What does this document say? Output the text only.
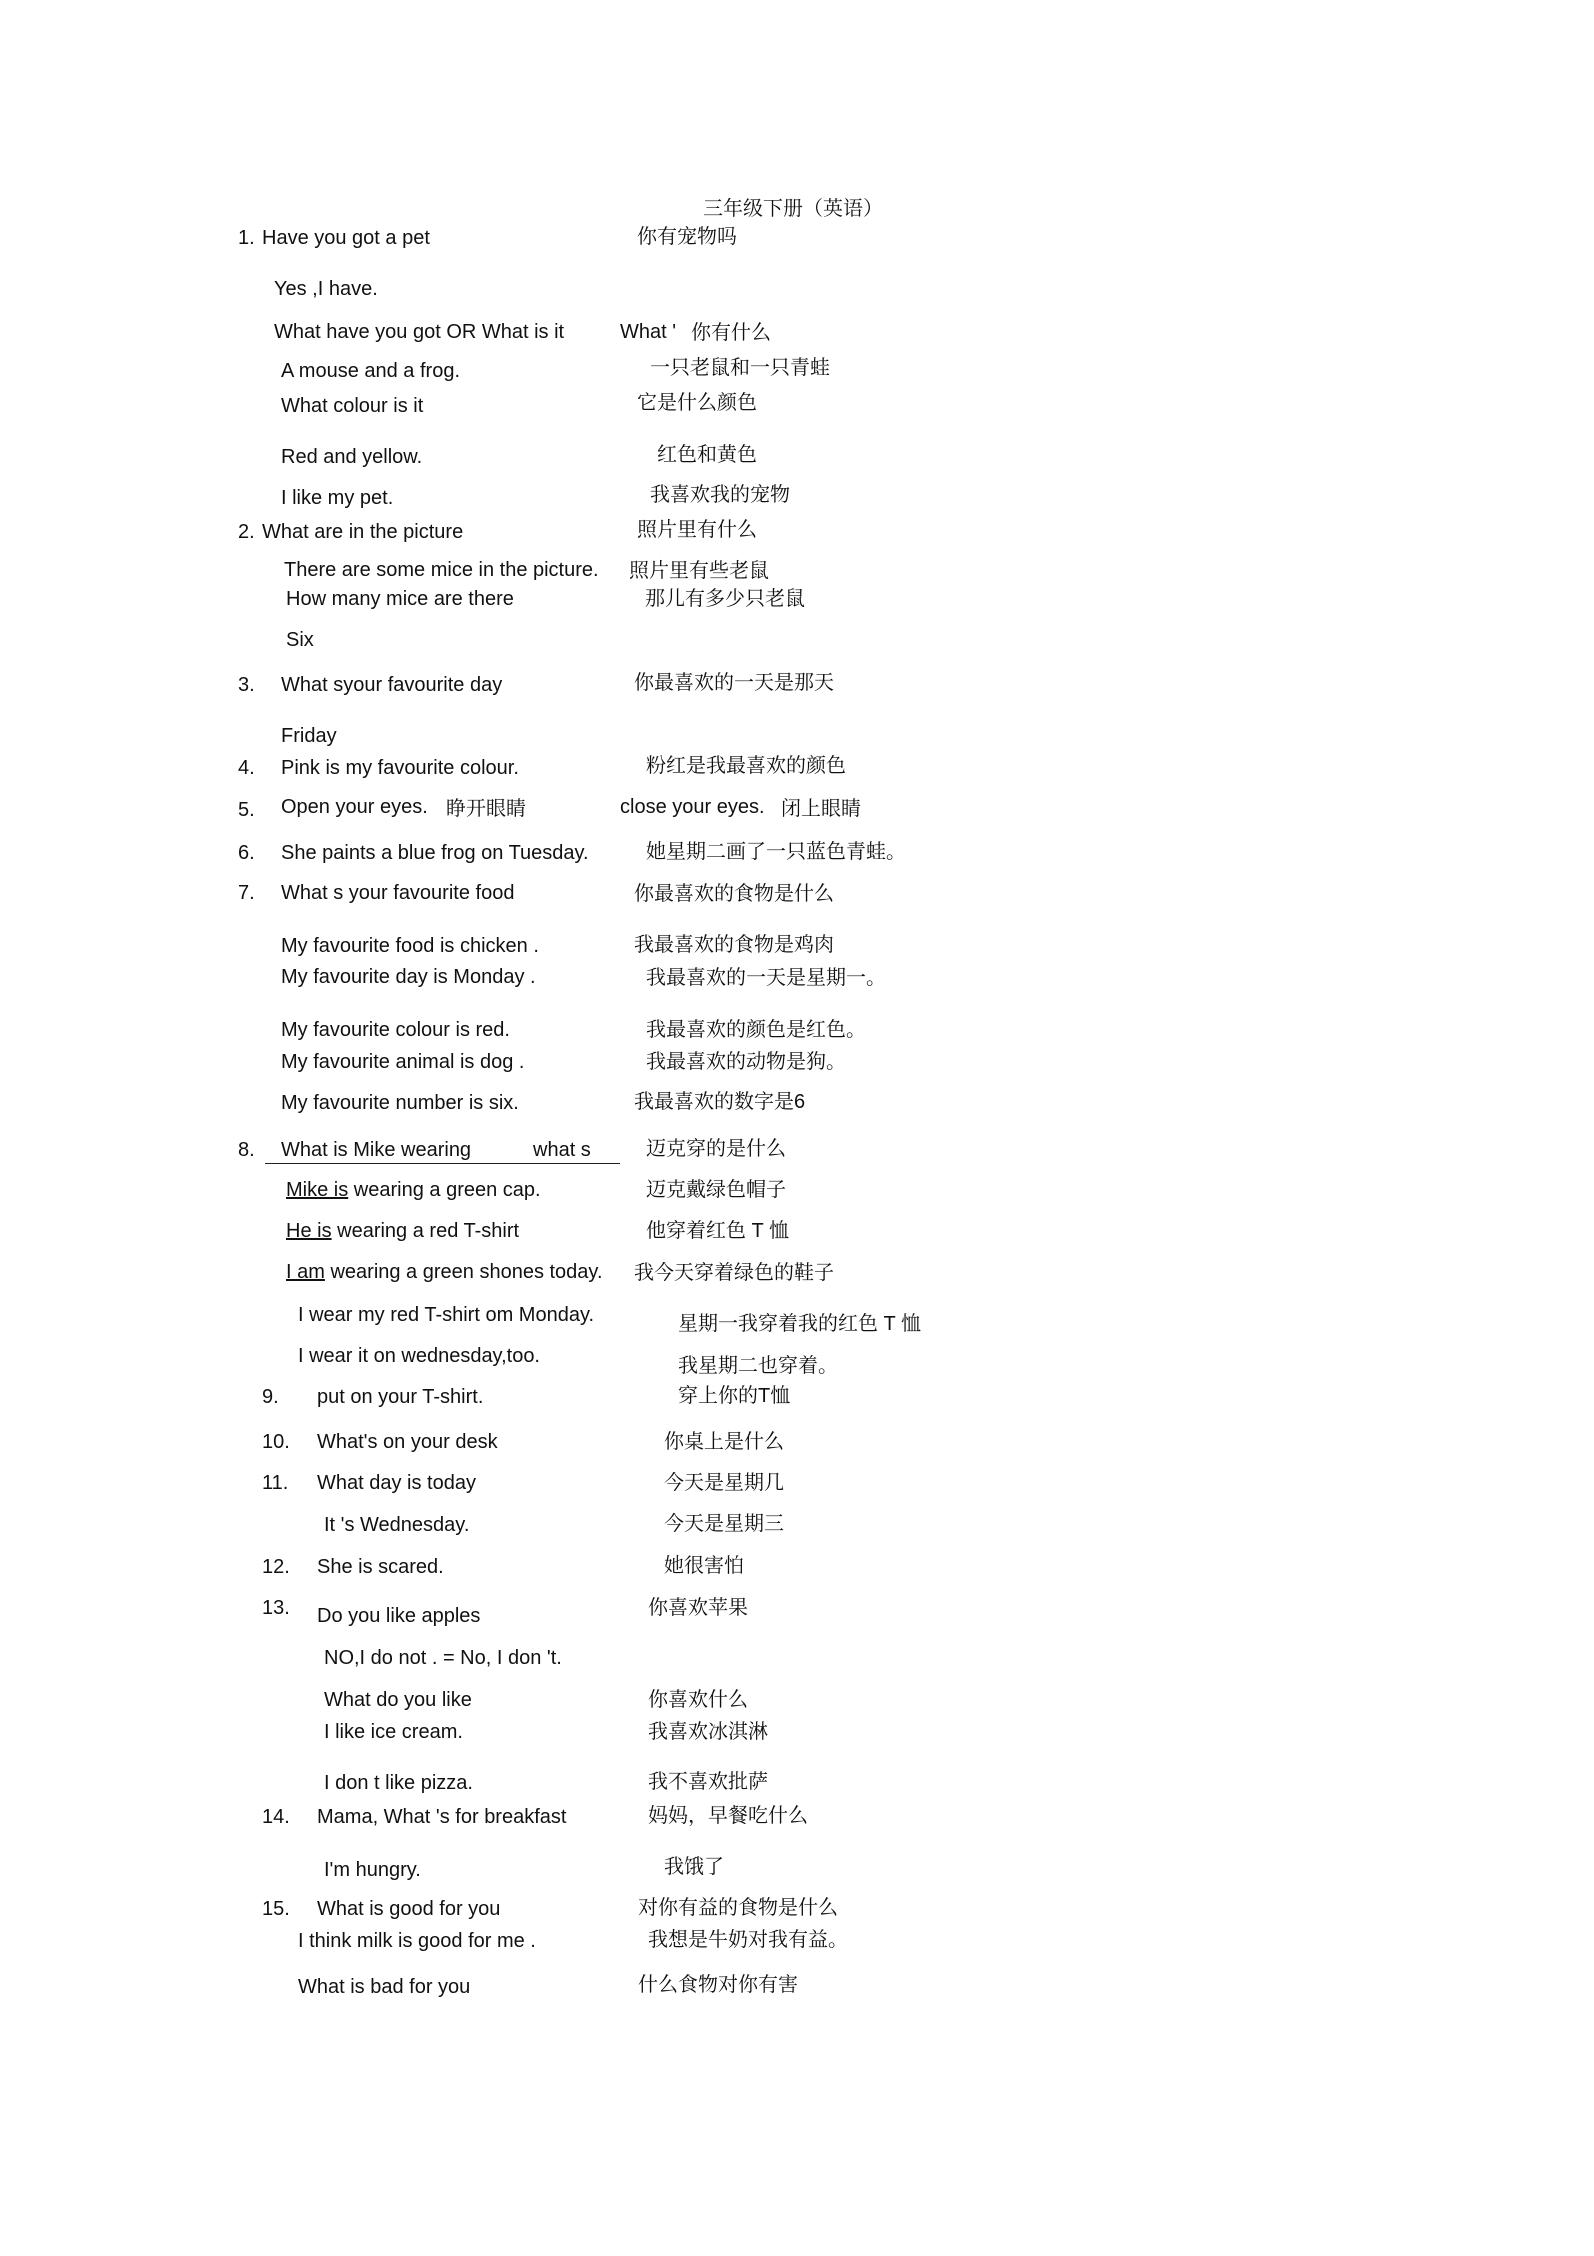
三年级下册（英语）
1. Have you got a pet	你有宠物吗
Yes ,I have.
What have you got OR What is it	What ' 你有什么
A mouse and a frog.	一只老鼠和一只青蛙
What colour is it	它是什么颜色
Red and yellow.	红色和黄色
I like my pet.	我喜欢我的宠物
2. What are in the picture	照片里有什么
There are some mice in the picture. 照片里有些老鼠
How many mice are there	那儿有多少只老鼠
Six
3. What syour favourite day	你最喜欢的一天是那天
Friday
4. Pink is my favourite colour.	粉红是我最喜欢的颜色
5. Open your eyes. 睁开眼睛	close your eyes. 闭上眼睛
6. She paints a blue frog on Tuesday.	她星期二画了一只蓝色青蛙。
7. What s your favourite food	你最喜欢的食物是什么
My favourite food is chicken .	我最喜欢的食物是鸡肉
My favourite day is Monday .	我最喜欢的一天是星期一。
My favourite colour is red.	我最喜欢的颜色是红色。
My favourite animal is dog .	我最喜欢的动物是狗。
My favourite number is six.	我最喜欢的数字是6
8. What is Mike wearing	what s	迈克穿的是什么
Mike is wearing a green cap.	迈克戴绿色帽子
He is wearing a red T-shirt	他穿着红色 T 恤
I am wearing a green shones today. 我今天穿着绿色的鞋子
I wear my red T-shirt om Monday.	星期一我穿着我的红色 T 恤
I wear it on wednesday,too.	我星期二也穿着。
9. put on your T-shirt.	穿上你的T恤
10. What's on your desk	你桌上是什么
11. What day is today	今天是星期几
It 's Wednesday.	今天是星期三
12. She is scared.	她很害怕
13. Do you like apples	你喜欢苹果
NO,I do not . = No, I don 't.
What do you like	你喜欢什么
I like ice cream.	我喜欢冰淇淋
I don t like pizza.	我不喜欢批萨
14. Mama, What 's for breakfast	妈妈，早餐吃什么
I'm hungry.	我饿了
15. What is good for you	对你有益的食物是什么
I think milk is good for me .	我想是牛奶对我有益。
What is bad for you	什么食物对你有害
